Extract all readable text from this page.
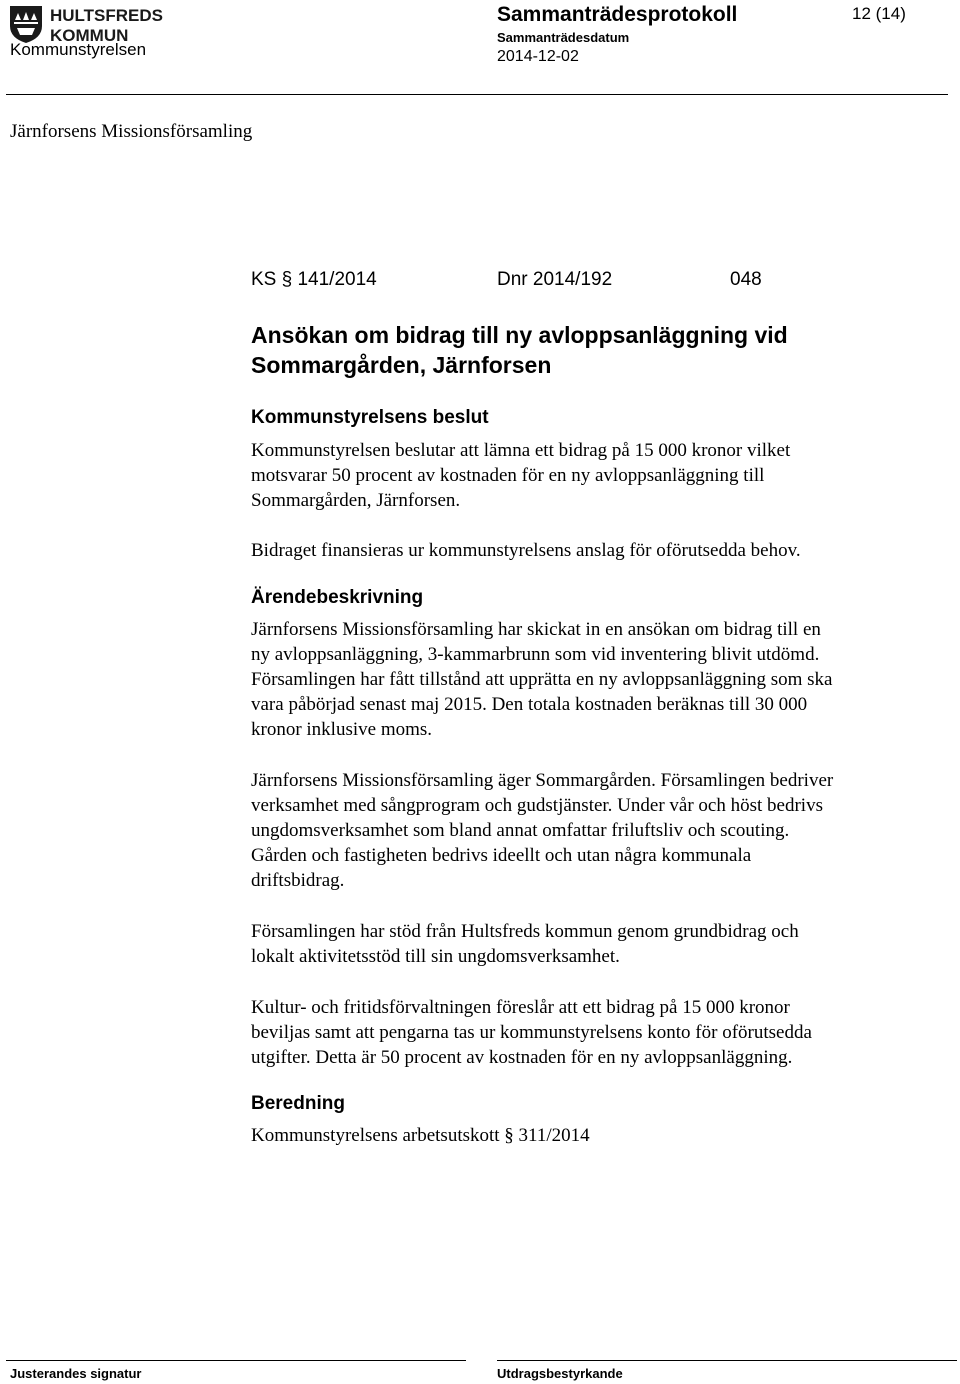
HULTSFREDS
KOMMUN
Sammanträdesprotokoll	12 (14)
Sammanträdesdatum
2014-12-02
Kommunstyrelsen
Järnforsens Missionsförsamling
KS § 141/2014	Dnr 2014/192	048
Ansökan om bidrag till ny avloppsanläggning vid
Sommargården, Järnforsen
Kommunstyrelsens beslut
Kommunstyrelsen beslutar att lämna ett bidrag på 15 000 kronor vilket
motsvarar 50 procent av kostnaden för en ny avloppsanläggning till
Sommargården, Järnforsen.
Bidraget finansieras ur kommunstyrelsens anslag för oförutsedda behov.
Ärendebeskrivning
Järnforsens Missionsförsamling har skickat in en ansökan om bidrag till en
ny avloppsanläggning, 3-kammarbrunn som vid inventering blivit utdömd.
Församlingen har fått tillstånd att upprätta en ny avloppsanläggning som ska
vara påbörjad senast maj 2015. Den totala kostnaden beräknas till 30 000
kronor inklusive moms.
Järnforsens Missionsförsamling äger Sommargården. Församlingen bedriver
verksamhet med sångprogram och gudstjänster. Under vår och höst bedrivs
ungdomsverksamhet som bland annat omfattar friluftsliv och scouting.
Gården och fastigheten bedrivs ideellt och utan några kommunala
driftsbidrag.
Församlingen har stöd från Hultsfreds kommun genom grundbidrag och
lokalt aktivitetsstöd till sin ungdomsverksamhet.
Kultur- och fritidsförvaltningen föreslår att ett bidrag på 15 000 kronor
beviljas samt att pengarna tas ur kommunstyrelsens konto för oförutsedda
utgifter. Detta är 50 procent av kostnaden för en ny avloppsanläggning.
Beredning
Kommunstyrelsens arbetsutskott § 311/2014
Justerandes signatur	Utdragsbestyrkande
